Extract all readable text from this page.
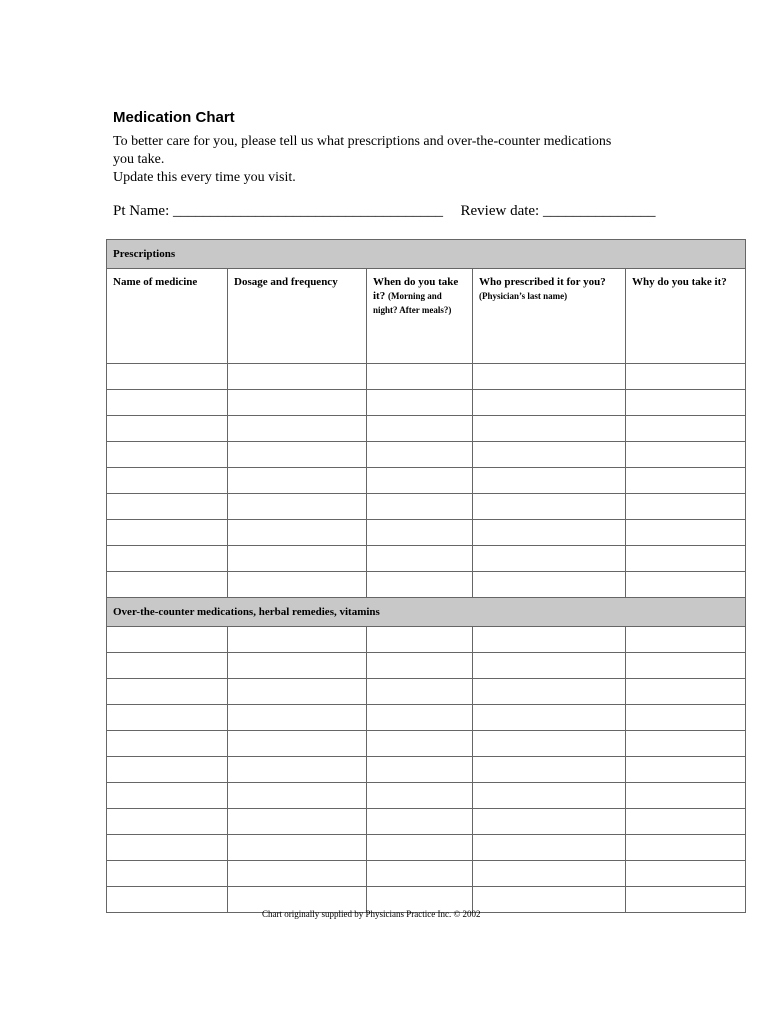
Medication Chart
To better care for you, please tell us what prescriptions and over-the-counter medications
you take.
Update this every time you visit.
Pt Name: ____________________________________ Review date: _______________
Prescriptions				
Name of medicine	Dosage and frequency	When do you take it? (Morning and night? After meals?)	Who prescribed it for you? (Physician’s last name)	Why do you take it?

Over-the-counter medications, herbal remedies, vitamins				

Chart originally supplied by Physicians Practice Inc. © 2002
